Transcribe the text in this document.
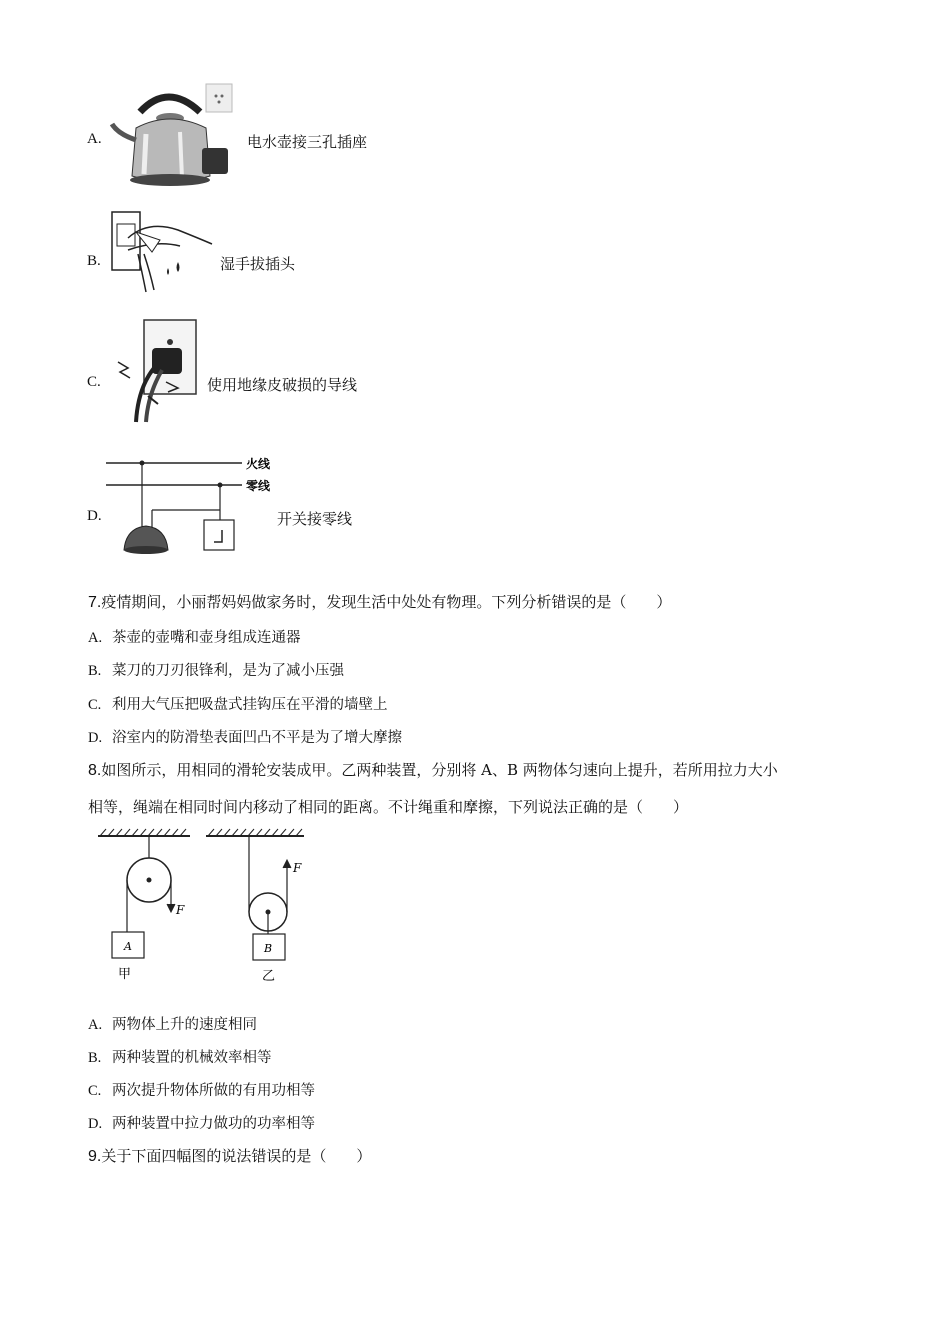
A.	电水壶接三孔插座
B.	湿手拔插头
C.	使用地缘皮破损的导线
D.
火线
零线
开关接零线
7.疫情期间，小丽帮妈妈做家务时，发现生活中处处有物理。下列分析错误的是（　　）
A. 茶壶的壶嘴和壶身组成连通器
B. 菜刀的刀刃很锋利，是为了减小压强
C. 利用大气压把吸盘式挂钩压在平滑的墙壁上
D. 浴室内的防滑垫表面凹凸不平是为了增大摩擦
8.如图所示，用相同的滑轮安装成甲。乙两种装置，分别将 A、B 两物体匀速向上提升，若所用拉力大小
相等，绳端在相同时间内移动了相同的距离。不计绳重和摩擦，下列说法正确的是（　　）
F
A
甲
F
B
乙
A. 两物体上升的速度相同
B. 两种装置的机械效率相等
C. 两次提升物体所做的有用功相等
D. 两种装置中拉力做功的功率相等
9.关于下面四幅图的说法错误的是（　　）
